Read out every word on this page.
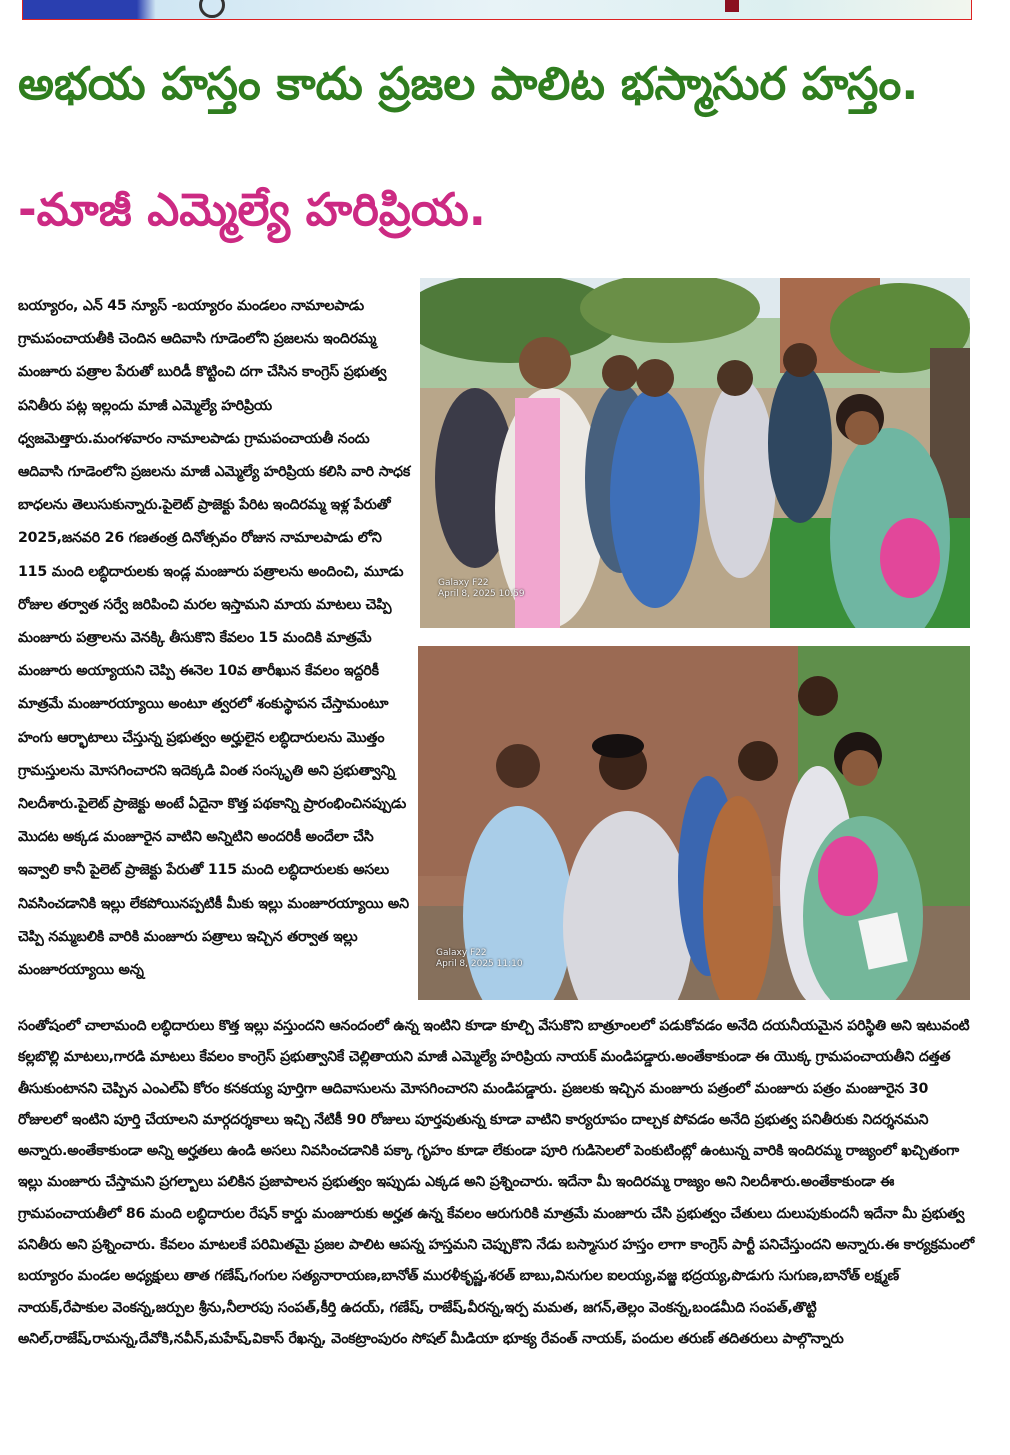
అభయ హస్తం కాదు ప్రజల పాలిట భస్మాసుర హస్తం.
-మాజీ ఎమ్మెల్యే హరిప్రియ.

బయ్యారం, ఎన్ 45 న్యూస్ -బయ్యారం మండలం నామాలపాడు గ్రామపంచాయతీకి చెందిన ఆదివాసి గూడెంలోని ప్రజలను ఇందిరమ్మ మంజూరు పత్రాల పేరుతో బురిడీ కొట్టించి దగా చేసిన కాంగ్రెస్ ప్రభుత్వ పనితీరు పట్ల ఇల్లందు మాజీ ఎమ్మెల్యే హరిప్రియ ధ్వజమెత్తారు.మంగళవారం నామాలపాడు గ్రామపంచాయతీ నందు ఆదివాసి గూడెంలోని ప్రజలను మాజీ ఎమ్మెల్యే హరిప్రియ కలిసి వారి సాధక బాధలను తెలుసుకున్నారు.పైలెట్ ప్రాజెక్టు పేరిట ఇందిరమ్మ ఇళ్ల పేరుతో 2025,జనవరి 26 గణతంత్ర దినోత్సవం రోజున నామాలపాడు లోని 115 మంది లబ్ధిదారులకు ఇండ్ల మంజూరు పత్రాలను అందించి, మూడు రోజుల తర్వాత సర్వే జరిపించి మరల ఇస్తామని మాయ మాటలు చెప్పి మంజూరు పత్రాలను వెనక్కి తీసుకొని కేవలం 15 మందికి మాత్రమే మంజూరు అయ్యాయని చెప్పి ఈనెల 10వ తారీఖున కేవలం ఇద్దరికీ మాత్రమే మంజూరయ్యాయి అంటూ త్వరలో శంకుస్థాపన చేస్తామంటూ హంగు ఆర్భాటాలు చేస్తున్న ప్రభుత్వం అర్హులైన లబ్ధిదారులను మొత్తం గ్రామస్తులను మోసగించారని ఇదెక్కడి వింత సంస్కృతి అని ప్రభుత్వాన్ని నిలదీశారు.పైలెట్ ప్రాజెక్టు అంటే ఏదైనా కొత్త పథకాన్ని ప్రారంభించినప్పుడు మొదట అక్కడ మంజూరైన వాటిని అన్నిటిని అందరికీ అందేలా చేసి ఇవ్వాలి కానీ పైలెట్ ప్రాజెక్టు పేరుతో 115 మంది లబ్ధిదారులకు అసలు నివసించడానికి ఇల్లు లేకపోయినప్పటికీ మీకు ఇల్లు మంజూరయ్యాయి అని చెప్పి నమ్మబలికి వారికి మంజూరు పత్రాలు ఇచ్చిన తర్వాత ఇల్లు మంజూరయ్యాయి అన్న

Galaxy F22
April 8, 2025 10:59
Galaxy F22
April 8, 2025 11:10

సంతోషంలో చాలామంది లబ్ధిదారులు కొత్త ఇల్లు వస్తుందని ఆనందంలో ఉన్న ఇంటిని కూడా కూల్చి వేసుకొని బాత్రూంలలో పడుకోవడం అనేది దయనీయమైన పరిస్థితి అని ఇటువంటి కల్లబొల్లి మాటలు,గారడి మాటలు కేవలం కాంగ్రెస్ ప్రభుత్వానికే చెల్లితాయని మాజీ ఎమ్మెల్యే హరిప్రియ నాయక్ మండిపడ్డారు.అంతేకాకుండా ఈ యొక్క గ్రామపంచాయతీని దత్తత తీసుకుంటానని చెప్పిన ఎంఎల్ఏ కోరం కనకయ్య పూర్తిగా ఆదివాసులను మోసగించారని మండిపడ్డారు. ప్రజలకు ఇచ్చిన మంజూరు పత్రంలో మంజూరు పత్రం మంజూరైన 30 రోజులలో ఇంటిని పూర్తి చేయాలని మార్గదర్శకాలు ఇచ్చి నేటికీ 90 రోజులు పూర్తవుతున్న కూడా వాటిని కార్యరూపం దాల్చక పోవడం అనేది ప్రభుత్వ పనితీరుకు నిదర్శనమని అన్నారు.అంతేకాకుండా అన్ని అర్హతలు ఉండి అసలు నివసించడానికి పక్కా గృహం కూడా లేకుండా పూరి గుడిసెలలో పెంకుటింట్లో ఉంటున్న వారికి ఇందిరమ్మ రాజ్యంలో ఖచ్చితంగా ఇల్లు మంజూరు చేస్తామని ప్రగల్బాలు పలికిన ప్రజాపాలన ప్రభుత్వం ఇప్పుడు ఎక్కడ అని ప్రశ్నించారు. ఇదేనా మీ ఇందిరమ్మ రాజ్యం అని నిలదీశారు.అంతేకాకుండా ఈ గ్రామపంచాయతీలో 86 మంది లబ్ధిదారుల రేషన్ కార్డు మంజూరుకు అర్హత ఉన్న కేవలం ఆరుగురికి మాత్రమే మంజూరు చేసి ప్రభుత్వం చేతులు దులుపుకుందనీ ఇదేనా మీ ప్రభుత్వ పనితీరు అని ప్రశ్నించారు. కేవలం మాటలకే పరిమితమై ప్రజల పాలిట ఆపన్న హస్తమని చెప్పుకొని నేడు బస్మాసుర హస్తం లాగా కాంగ్రెస్ పార్టీ పనిచేస్తుందని అన్నారు.ఈ కార్యక్రమంలో బయ్యారం మండల అధ్యక్షులు తాత గణేష్,గంగుల సత్యనారాయణ,బానోత్ మురళీకృష్ణ,శరత్ బాబు,వినుగుల ఐలయ్య,వజ్జ భద్రయ్య,పొడుగు సుగుణ,బానోత్ లక్ష్మణ్ నాయక్,రేపాకుల వెంకన్న,జర్పుల శ్రీను,నీలారపు సంపత్,కీర్తి ఉదయ్, గణేష్, రాజేష్,వీరన్న,ఇర్ప మమత, జగన్,తెల్లం వెంకన్న,బండమీది సంపత్,తొట్టి అనిల్,రాజేష్,రామన్న,దేవోకి,నవీన్,మహేష్,వికాస్ రేఖన్న, వెంకట్రాంపురం సోషల్ మీడియా భూక్య రేవంత్ నాయక్, పందుల తరుణ్ తదితరులు పాల్గొన్నారు
